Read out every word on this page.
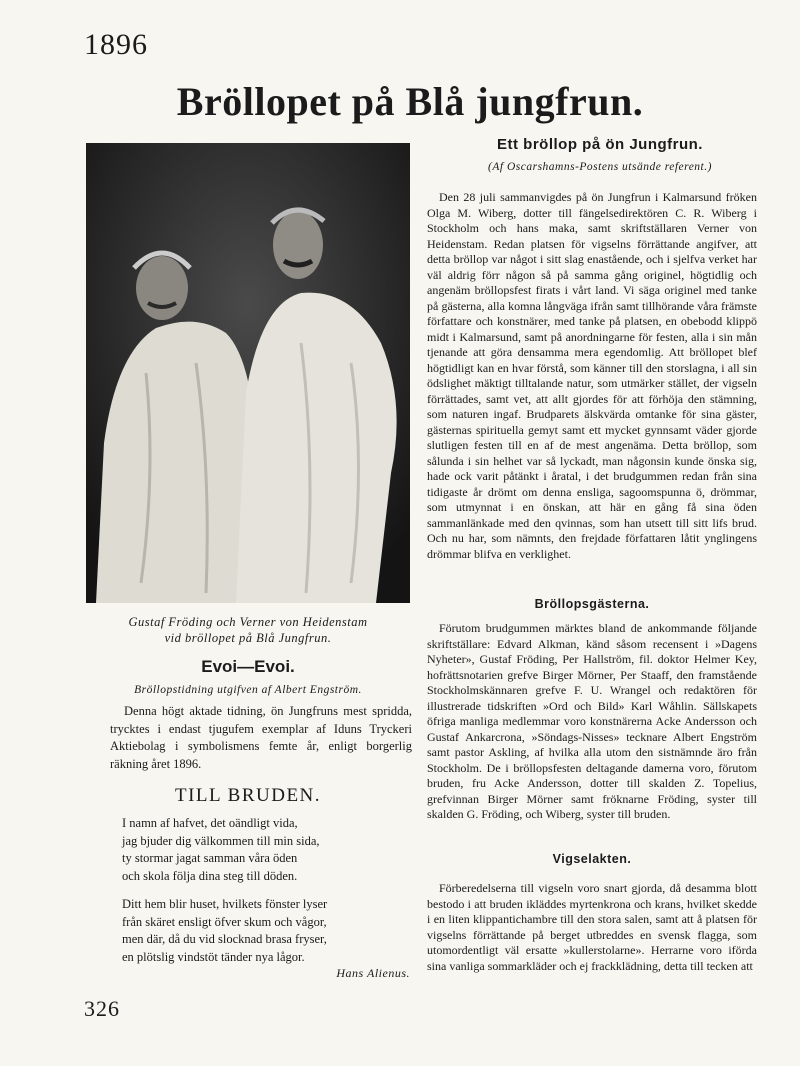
1896
Bröllopet på Blå jungfrun.
Gustaf Fröding och Verner von Heidenstam
vid bröllopet på Blå Jungfrun.
Evoi—Evoi.
Bröllopstidning utgifven af Albert Engström.
Denna högt aktade tidning, ön Jungfruns mest spridda, trycktes i endast tjugufem exemplar af Iduns Tryckeri Aktiebolag i symbolismens femte år, enligt borgerlig räkning året 1896.
TILL BRUDEN.
I namn af hafvet, det oändligt vida,
jag bjuder dig välkommen till min sida,
ty stormar jagat samman våra öden
och skola följa dina steg till döden.
Ditt hem blir huset, hvilkets fönster lyser
från skäret ensligt öfver skum och vågor,
men där, då du vid slocknad brasa fryser,
en plötslig vindstöt tänder nya lågor.
Hans Alienus.
326
Ett bröllop på ön Jungfrun.
(Af Oscarshamns-Postens utsände referent.)

Den 28 juli sammanvigdes på ön Jungfrun i Kalmarsund fröken Olga M. Wiberg, dotter till fängelsedirektören C. R. Wiberg i Stockholm och hans maka, samt skriftställaren Verner von Heidenstam. Redan platsen för vigselns förrättande angifver, att detta bröllop var något i sitt slag enastående, och i sjelfva verket har väl aldrig förr någon så på samma gång originel, högtidlig och angenäm bröllopsfest firats i vårt land. Vi säga originel med tanke på gästerna, alla komna långväga ifrån samt tillhörande våra främste författare och konstnärer, med tanke på platsen, en obebodd klippö midt i Kalmarsund, samt på anordningarne för festen, alla i sin mån tjenande att göra densamma mera egendomlig. Att bröllopet blef högtidligt kan en hvar förstå, som känner till den storslagna, i all sin ödslighet mäktigt tilltalande natur, som utmärker stället, der vigseln förrättades, samt vet, att allt gjordes för att förhöja den stämning, som naturen ingaf. Brudparets älskvärda omtanke för sina gäster, gästernas spirituella gemyt samt ett mycket gynnsamt väder gjorde slutligen festen till en af de mest angenäma. Detta bröllop, som sålunda i sin helhet var så lyckadt, man någonsin kunde önska sig, hade ock varit påtänkt i åratal, i det brudgummen redan från sina tidigaste år drömt om denna ensliga, sagoomspunna ö, drömmar, som utmynnat i en önskan, att här en gång få sina öden sammanlänkade med den qvinnas, som han utsett till sitt lifs brud. Och nu har, som nämnts, den frejdade författaren låtit ynglingens drömmar blifva en verklighet.

Bröllopsgästerna.

Förutom brudgummen märktes bland de ankommande följande skriftställare: Edvard Alkman, känd såsom recensent i »Dagens Nyheter», Gustaf Fröding, Per Hallström, fil. doktor Helmer Key, hofrättsnotarien grefve Birger Mörner, Per Staaff, den framstående Stockholmskännaren grefve F. U. Wrangel och redaktören för illustrerade tidskriften »Ord och Bild» Karl Wåhlin. Sällskapets öfriga manliga medlemmar voro konstnärerna Acke Andersson och Gustaf Ankarcrona, »Söndags-Nisses» tecknare Albert Engström samt pastor Askling, af hvilka alla utom den sistnämnde äro från Stockholm. De i bröllopsfesten deltagande damerna voro, förutom bruden, fru Acke Andersson, dotter till skalden Z. Topelius, grefvinnan Birger Mörner samt fröknarne Fröding, syster till skalden G. Fröding, och Wiberg, syster till bruden.

Vigselakten.

Förberedelserna till vigseln voro snart gjorda, då desamma blott bestodo i att bruden ikläddes myrtenkrona och krans, hvilket skedde i en liten klippantichambre till den stora salen, samt att å platsen för vigselns förrättande på berget utbreddes en svensk flagga, som utomordentligt väl ersatte »kullerstolarne». Herrarne voro iförda sina vanliga sommarkläder och ej frackklädning, detta till tecken att
